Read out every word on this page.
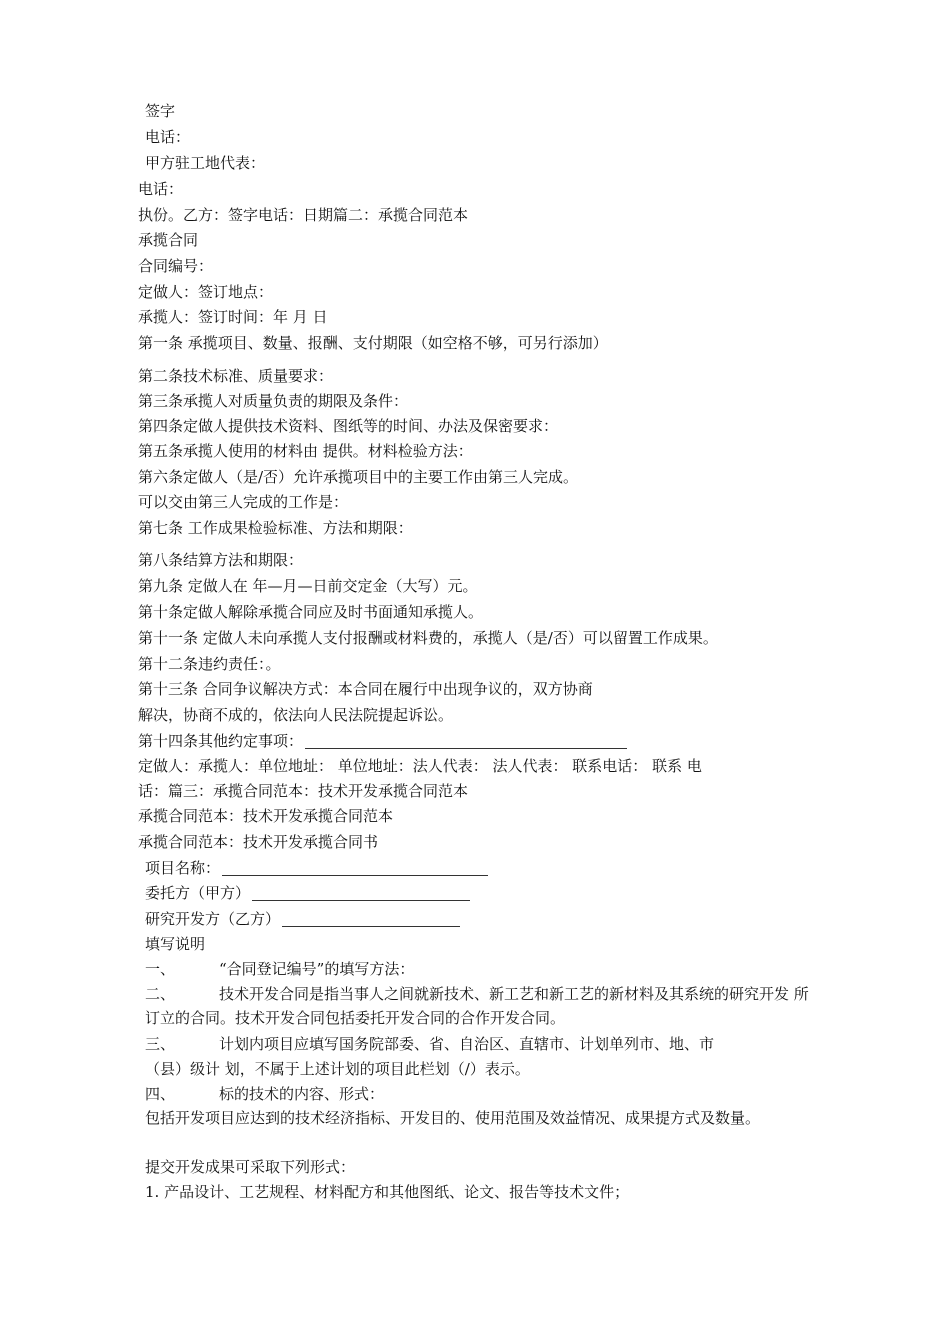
签字
电话：
甲方驻工地代表：
电话：
执份。乙方：签字电话：日期篇二：承揽合同范本
承揽合同
合同编号：
定做人：签订地点：
承揽人：签订时间：年 月 日
第一条 承揽项目、数量、报酬、支付期限（如空格不够，可另行添加）
第二条技术标准、质量要求：
第三条承揽人对质量负责的期限及条件：
第四条定做人提供技术资料、图纸等的时间、办法及保密要求：
第五条承揽人使用的材料由 提供。材料检验方法：
第六条定做人（是/否）允许承揽项目中的主要工作由第三人完成。
可以交由第三人完成的工作是：
第七条 工作成果检验标准、方法和期限：
第八条结算方法和期限：
第九条 定做人在 年—月—日前交定金（大写）元。
第十条定做人解除承揽合同应及时书面通知承揽人。
第十一条 定做人未向承揽人支付报酬或材料费的，承揽人（是/否）可以留置工作成果。
第十二条违约责任：。
第十三条 合同争议解决方式：本合同在履行中出现争议的，双方协商
解决，协商不成的，依法向人民法院提起诉讼。
第十四条其他约定事项：
定做人：承揽人：单位地址： 单位地址：法人代表： 法人代表： 联系电话： 联系 电
话：篇三：承揽合同范本：技术开发承揽合同范本
承揽合同范本：技术开发承揽合同范本
承揽合同范本：技术开发承揽合同书
项目名称：
委托方（甲方）
研究开发方（乙方）
填写说明
一、	“合同登记编号”的填写方法：
二、	技术开发合同是指当事人之间就新技术、新工艺和新工艺的新材料及其系统的研究开发 所订立的合同。技术开发合同包括委托开发合同的合作开发合同。
三、	计划内项目应填写国务院部委、省、自治区、直辖市、计划单列市、地、市
（县）级计 划，不属于上述计划的项目此栏划（/）表示。
四、	标的技术的内容、形式：
包括开发项目应达到的技术经济指标、开发目的、使用范围及效益情况、成果提方式及数量。
提交开发成果可采取下列形式：
1. 产品设计、工艺规程、材料配方和其他图纸、论文、报告等技术文件；
